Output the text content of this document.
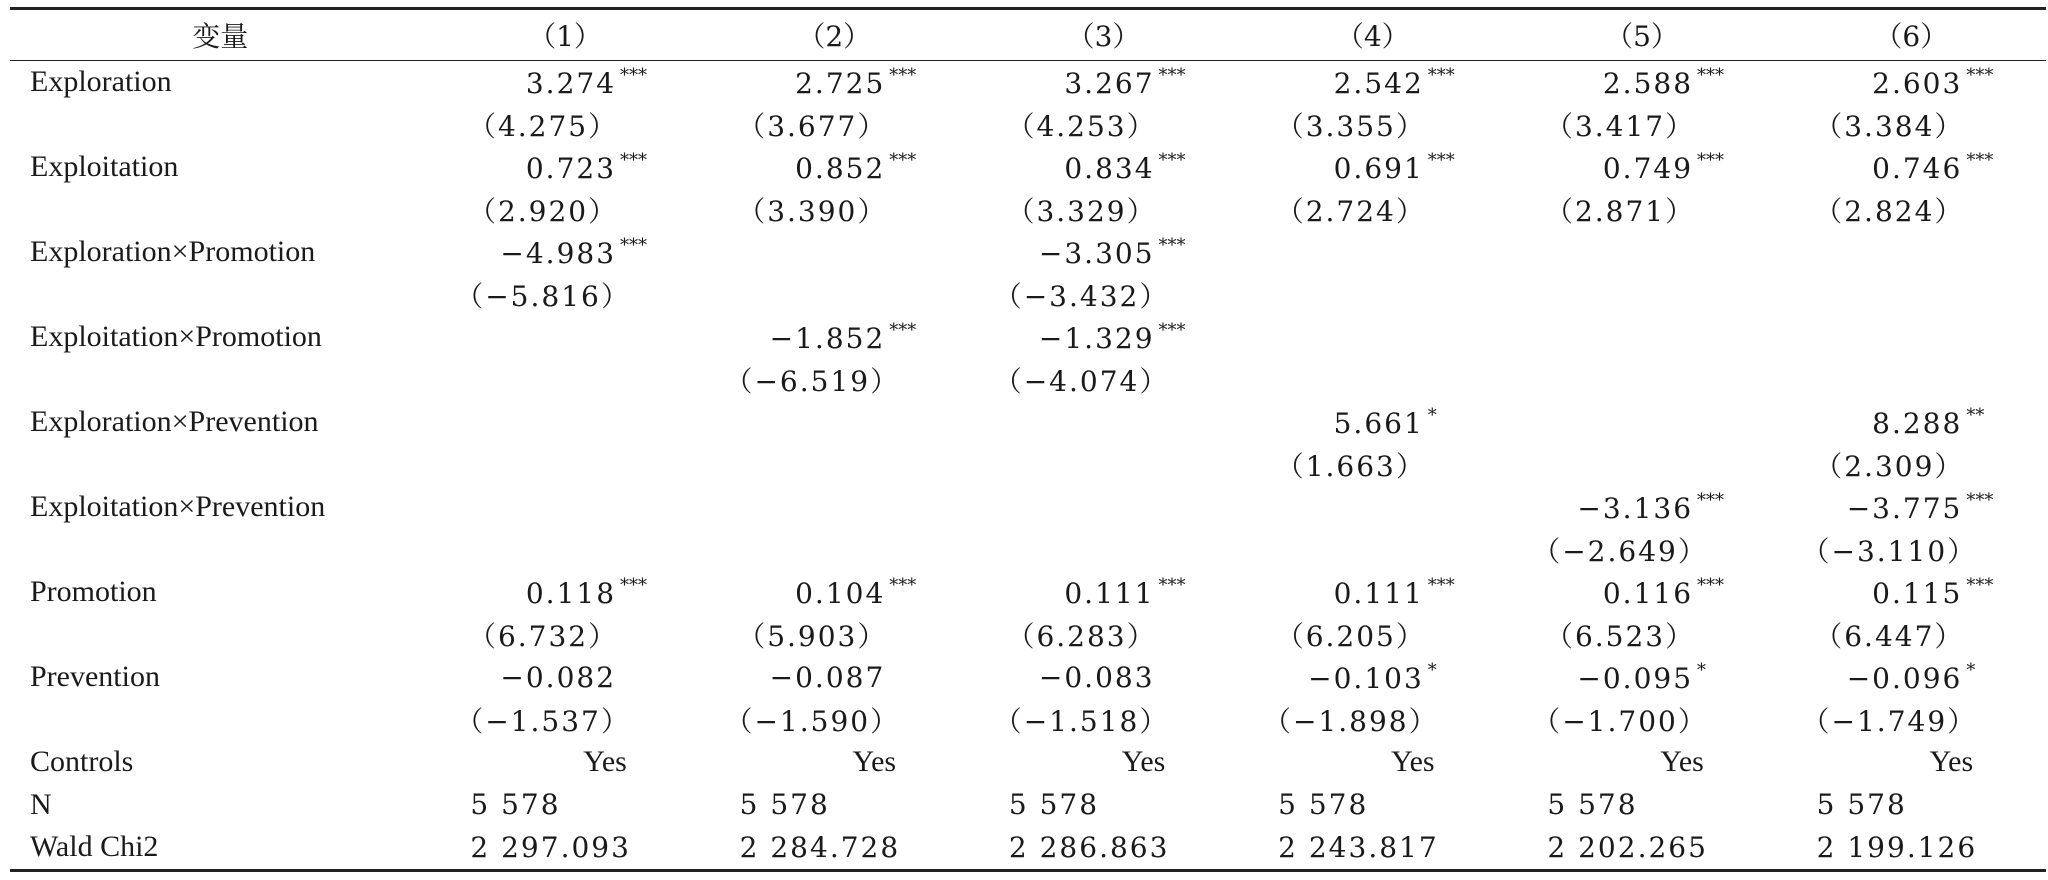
变量	（1）	（2）	（3）	（4）	（5）	（6）
Exploration	3.274 ***	2.725 ***	3.267 ***	2.542 ***	2.588 ***	2.603 ***
	（4.275）	（3.677）	（4.253）	（3.355）	（3.417）	（3.384）
Exploitation	0.723 ***	0.852 ***	0.834 ***	0.691 ***	0.749 ***	0.746 ***
	（2.920）	（3.390）	（3.329）	（2.724）	（2.871）	（2.824）
Exploration×Promotion	−4.983 ***		−3.305 ***			
	（−5.816）		（−3.432）			
Exploitation×Promotion		−1.852 ***	−1.329 ***			
		（−6.519）	（−4.074）			
Exploration×Prevention				5.661 *		8.288 **
				（1.663）		（2.309）
Exploitation×Prevention					−3.136 ***	−3.775 ***
					（−2.649）	（−3.110）
Promotion	0.118 ***	0.104 ***	0.111 ***	0.111 ***	0.116 ***	0.115 ***
	（6.732）	（5.903）	（6.283）	（6.205）	（6.523）	（6.447）
Prevention	−0.082	−0.087	−0.083	−0.103 *	−0.095 *	−0.096 *
	（−1.537）	（−1.590）	（−1.518）	（−1.898）	（−1.700）	（−1.749）
Controls	Yes	Yes	Yes	Yes	Yes	Yes
N	5 578	5 578	5 578	5 578	5 578	5 578
Wald Chi2	2 297.093	2 284.728	2 286.863	2 243.817	2 202.265	2 199.126
